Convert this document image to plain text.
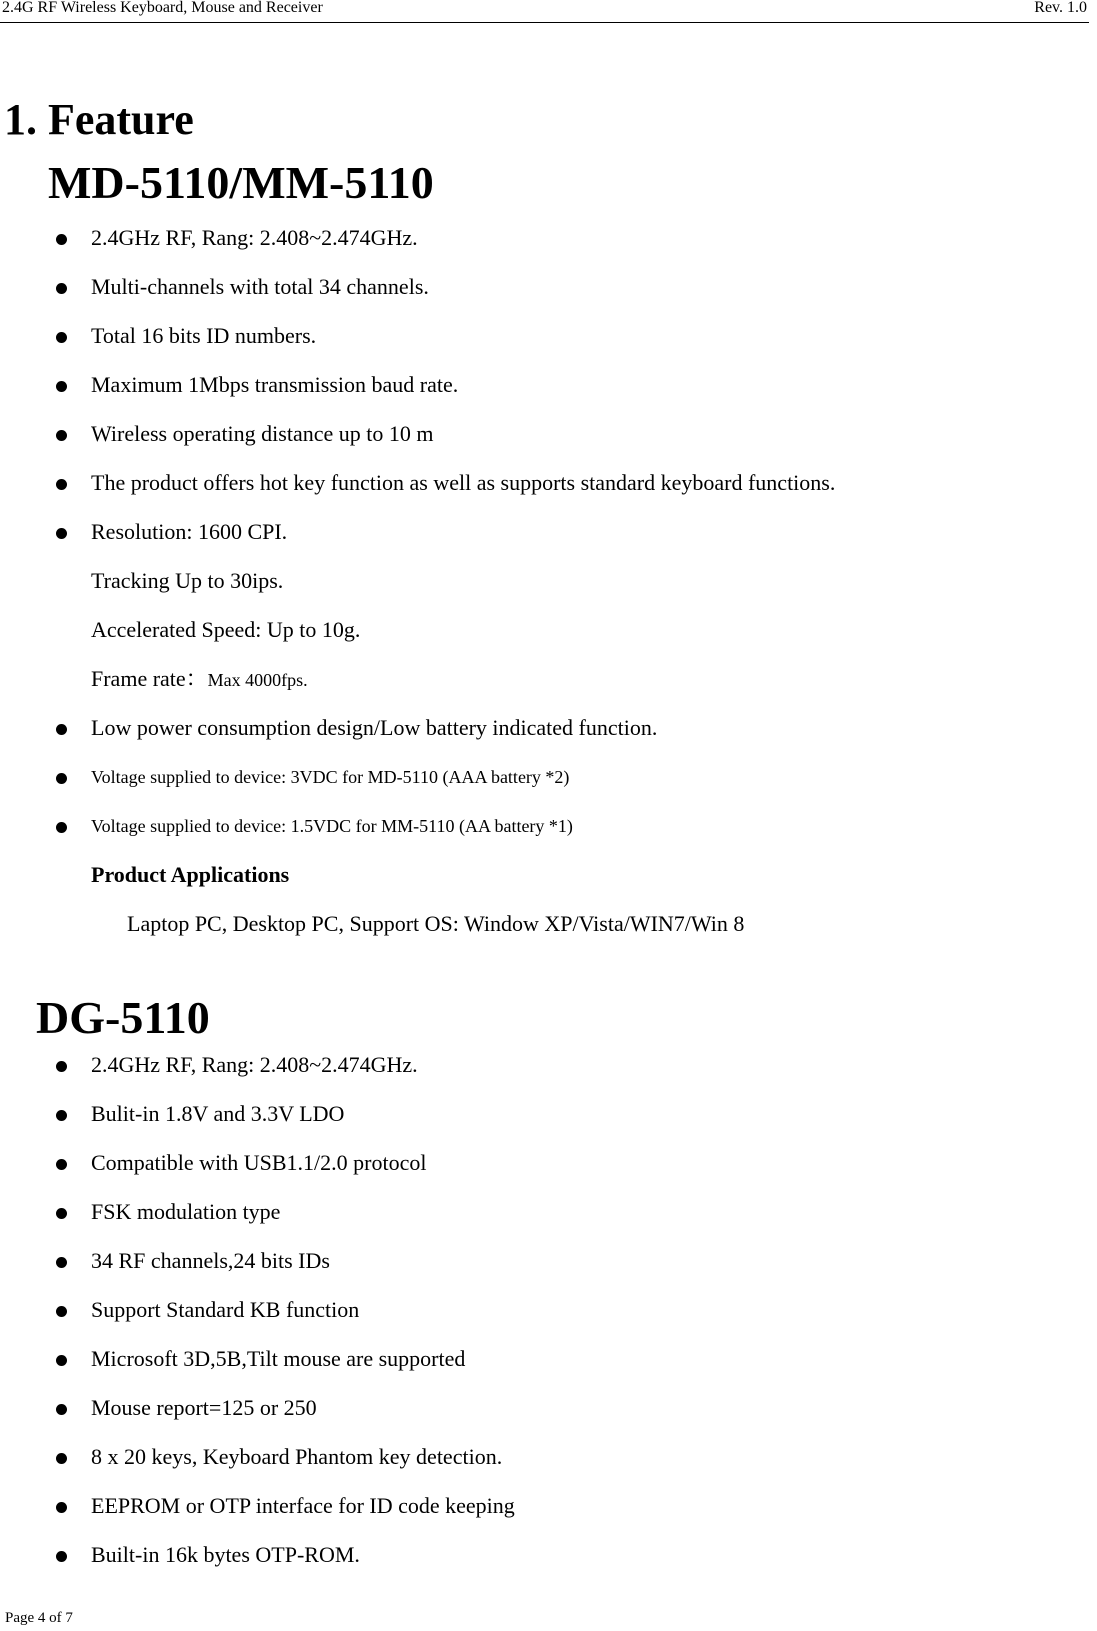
2.4G RF Wireless Keyboard, Mouse and Receiver	Rev. 1.0
1. Feature
MD-5110/MM-5110
2.4GHz RF, Rang: 2.408~2.474GHz.
Multi-channels with total 34 channels.
Total 16 bits ID numbers.
Maximum 1Mbps transmission baud rate.
Wireless operating distance up to 10 m
The product offers hot key function as well as supports standard keyboard functions.
Resolution: 1600 CPI.
Tracking Up to 30ips.
Accelerated Speed: Up to 10g.
Frame rate：Max 4000fps.
Low power consumption design/Low battery indicated function.
Voltage supplied to device: 3VDC for MD-5110 (AAA battery *2)
Voltage supplied to device: 1.5VDC for MM-5110 (AA battery *1)
Product Applications
Laptop PC, Desktop PC, Support OS: Window XP/Vista/WIN7/Win 8
DG-5110
2.4GHz RF, Rang: 2.408~2.474GHz.
Bulit-in 1.8V and 3.3V LDO
Compatible with USB1.1/2.0 protocol
FSK modulation type
34 RF channels,24 bits IDs
Support Standard KB function
Microsoft 3D,5B,Tilt mouse are supported
Mouse report=125 or 250
8 x 20 keys, Keyboard Phantom key detection.
EEPROM or OTP interface for ID code keeping
Built-in 16k bytes OTP-ROM.
Page 4 of 7
